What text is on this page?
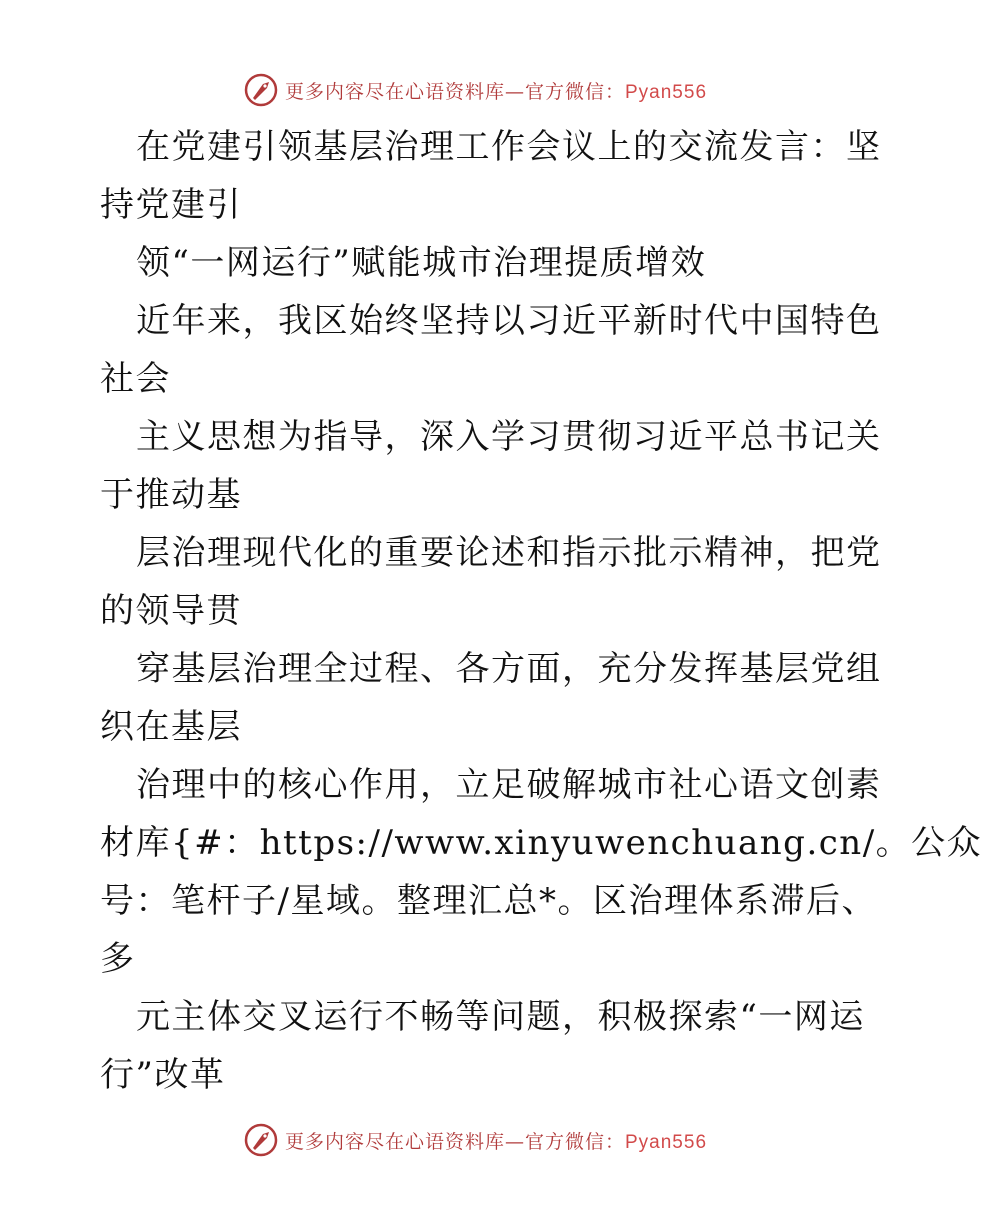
更多内容尽在心语资料库—官方微信：Pyan556
在党建引领基层治理工作会议上的交流发言：坚
持党建引
领“一网运行”赋能城市治理提质增效
近年来，我区始终坚持以习近平新时代中国特色
社会
主义思想为指导，深入学习贯彻习近平总书记关
于推动基
层治理现代化的重要论述和指示批示精神，把党
的领导贯
穿基层治理全过程、各方面，充分发挥基层党组
织在基层
治理中的核心作用，立足破解城市社心语文创素
材库{#：https://www.xinyuwenchuang.cn/。公众
号：笔杆子/星域。整理汇总*。区治理体系滞后、
多
元主体交叉运行不畅等问题，积极探索“一网运
行”改革
更多内容尽在心语资料库—官方微信：Pyan556
